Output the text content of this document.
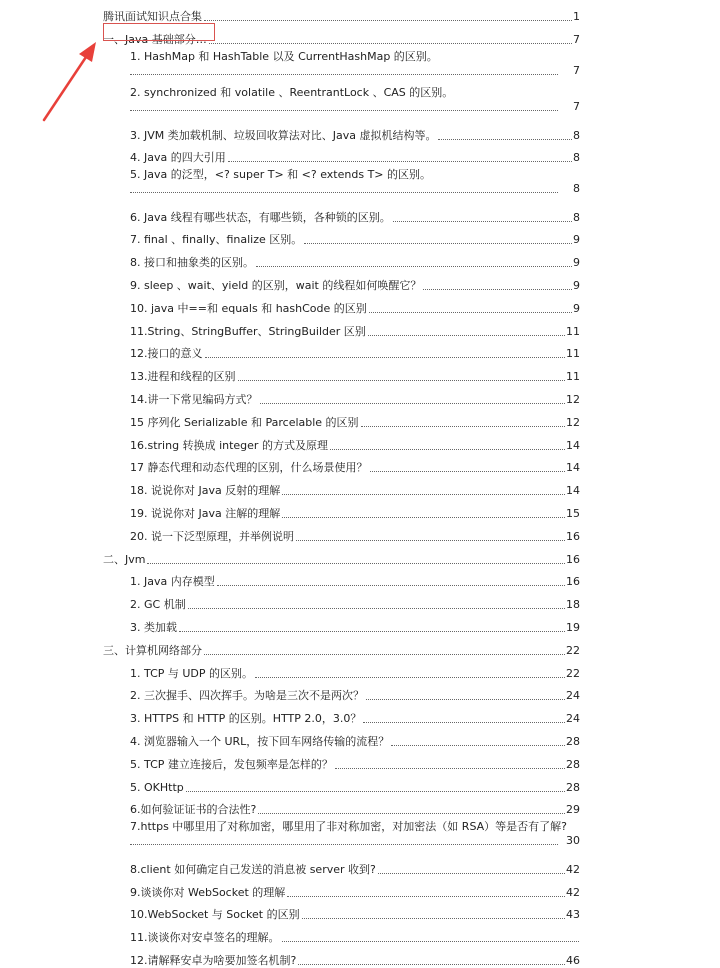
腾讯面试知识点合集	1
一、Java 基础部分…	7
1. HashMap 和 HashTable 以及 CurrentHashMap 的区别。
7
2. synchronized 和 volatile 、ReentrantLock 、CAS 的区别。
7
3. JVM 类加载机制、垃圾回收算法对比、Java 虚拟机结构等。	8
4. Java 的四大引用	8
5. Java 的泛型，<? super T> 和 <? extends T> 的区别。
8
6. Java 线程有哪些状态，有哪些锁，各种锁的区别。	8
7. final 、finally、finalize 区别。	9
8. 接口和抽象类的区别。	9
9. sleep 、wait、yield 的区别，wait 的线程如何唤醒它？	9
10. java 中==和 equals 和 hashCode 的区别	9
11.String、StringBuffer、StringBuilder 区别	11
12.接口的意义	11
13.进程和线程的区别	11
14.讲一下常见编码方式？	12
15 序列化 Serializable 和 Parcelable 的区别	12
16.string 转换成 integer 的方式及原理	14
17 静态代理和动态代理的区别，什么场景使用？	14
18. 说说你对 Java 反射的理解	14
19. 说说你对 Java 注解的理解	15
20. 说一下泛型原理，并举例说明	16
二、Jvm	16
1. Java 内存模型	16
2. GC 机制	18
3. 类加载	19
三、计算机网络部分	22
1. TCP 与 UDP 的区别。	22
2. 三次握手、四次挥手。为啥是三次不是两次？	24
3. HTTPS 和 HTTP 的区别。HTTP 2.0，3.0？	24
4. 浏览器输入一个 URL，按下回车网络传输的流程？	28
5. TCP 建立连接后，发包频率是怎样的？	28
5. OKHttp	28
6.如何验证证书的合法性?	29
7.https 中哪里用了对称加密，哪里用了非对称加密，对加密法（如 RSA）等是否有了解?
30
8.client 如何确定自己发送的消息被 server 收到?	42
9.谈谈你对 WebSocket 的理解	42
10.WebSocket 与 Socket 的区别	43
11.谈谈你对安卓签名的理解。
12.请解释安卓为啥要加签名机制?	46
